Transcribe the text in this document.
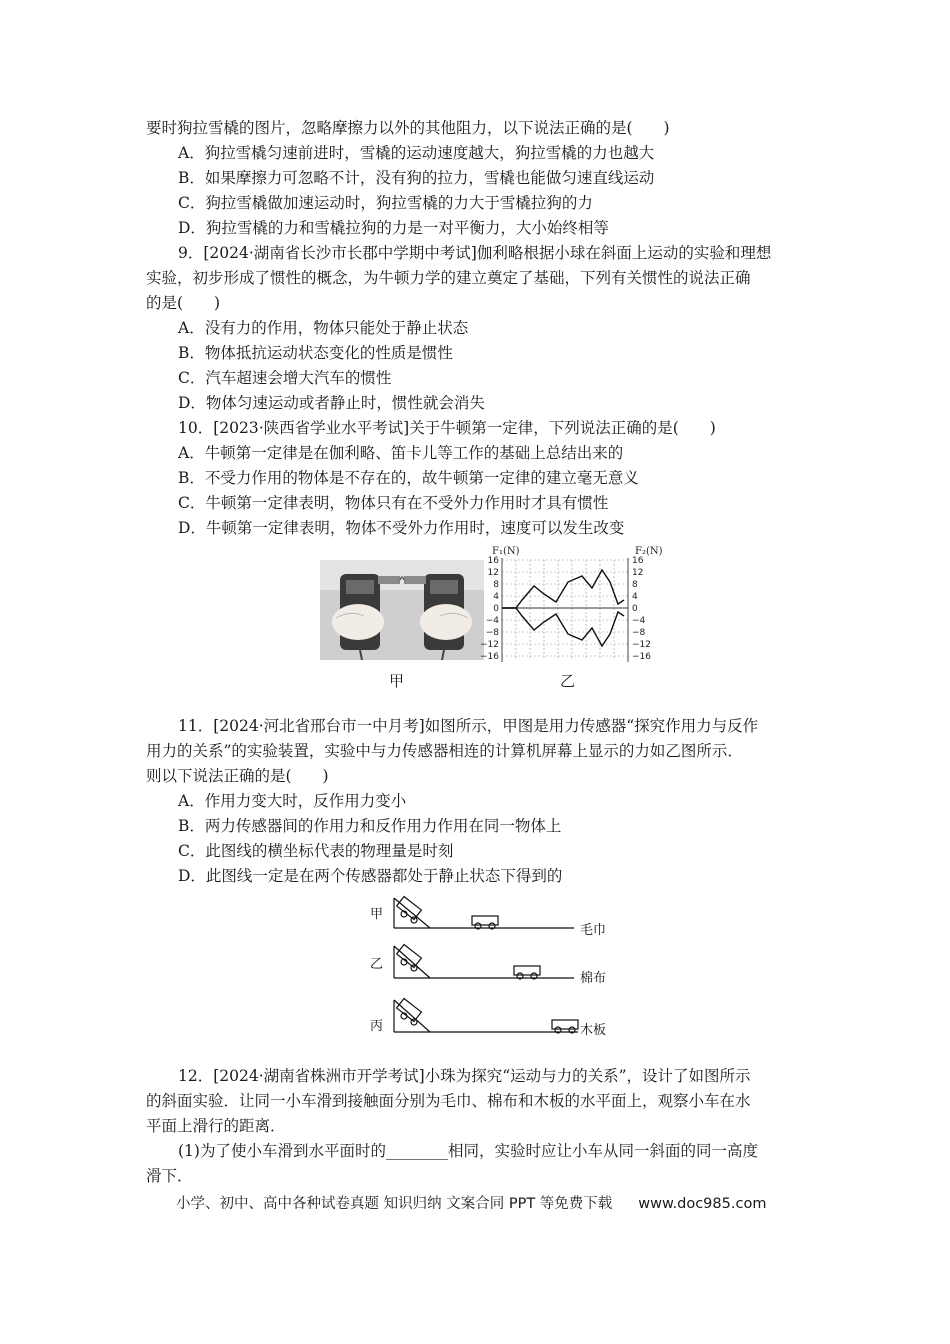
要时狗拉雪橇的图片，忽略摩擦力以外的其他阻力，以下说法正确的是(　　)
A．狗拉雪橇匀速前进时，雪橇的运动速度越大，狗拉雪橇的力也越大
B．如果摩擦力可忽略不计，没有狗的拉力，雪橇也能做匀速直线运动
C．狗拉雪橇做加速运动时，狗拉雪橇的力大于雪橇拉狗的力
D．狗拉雪橇的力和雪橇拉狗的力是一对平衡力，大小始终相等
9．[2024·湖南省长沙市长郡中学期中考试]伽利略根据小球在斜面上运动的实验和理想
实验，初步形成了惯性的概念，为牛顿力学的建立奠定了基础，下列有关惯性的说法正确
的是(　　)
A．没有力的作用，物体只能处于静止状态
B．物体抵抗运动状态变化的性质是惯性
C．汽车超速会增大汽车的惯性
D．物体匀速运动或者静止时，惯性就会消失
10．[2023·陕西省学业水平考试]关于牛顿第一定律，下列说法正确的是(　　)
A．牛顿第一定律是在伽利略、笛卡儿等工作的基础上总结出来的
B．不受力作用的物体是不存在的，故牛顿第一定律的建立毫无意义
C．牛顿第一定律表明，物体只有在不受外力作用时才具有惯性
D．牛顿第一定律表明，物体不受外力作用时，速度可以发生改变
甲
F₁(N)	F₂(N)
16	16
12	12
8	8
4	4
0	0
−4	−4
−8	−8
−12	−12
−16	−16
乙
11．[2024·河北省邢台市一中月考]如图所示，甲图是用力传感器“探究作用力与反作
用力的关系”的实验装置，实验中与力传感器相连的计算机屏幕上显示的力如乙图所示．
则以下说法正确的是(　　)
A．作用力变大时，反作用力变小
B．两力传感器间的作用力和反作用力作用在同一物体上
C．此图线的横坐标代表的物理量是时刻
D．此图线一定是在两个传感器都处于静止状态下得到的
甲
毛巾
乙
棉布
丙	木板
12．[2024·湖南省株洲市开学考试]小珠为探究“运动与力的关系”，设计了如图所示
的斜面实验．让同一小车滑到接触面分别为毛巾、棉布和木板的水平面上，观察小车在水
平面上滑行的距离．
(1)为了使小车滑到水平面时的________相同，实验时应让小车从同一斜面的同一高度
滑下．
小学、初中、高中各种试卷真题 知识归纳 文案合同 PPT 等免费下载 www.doc985.com
